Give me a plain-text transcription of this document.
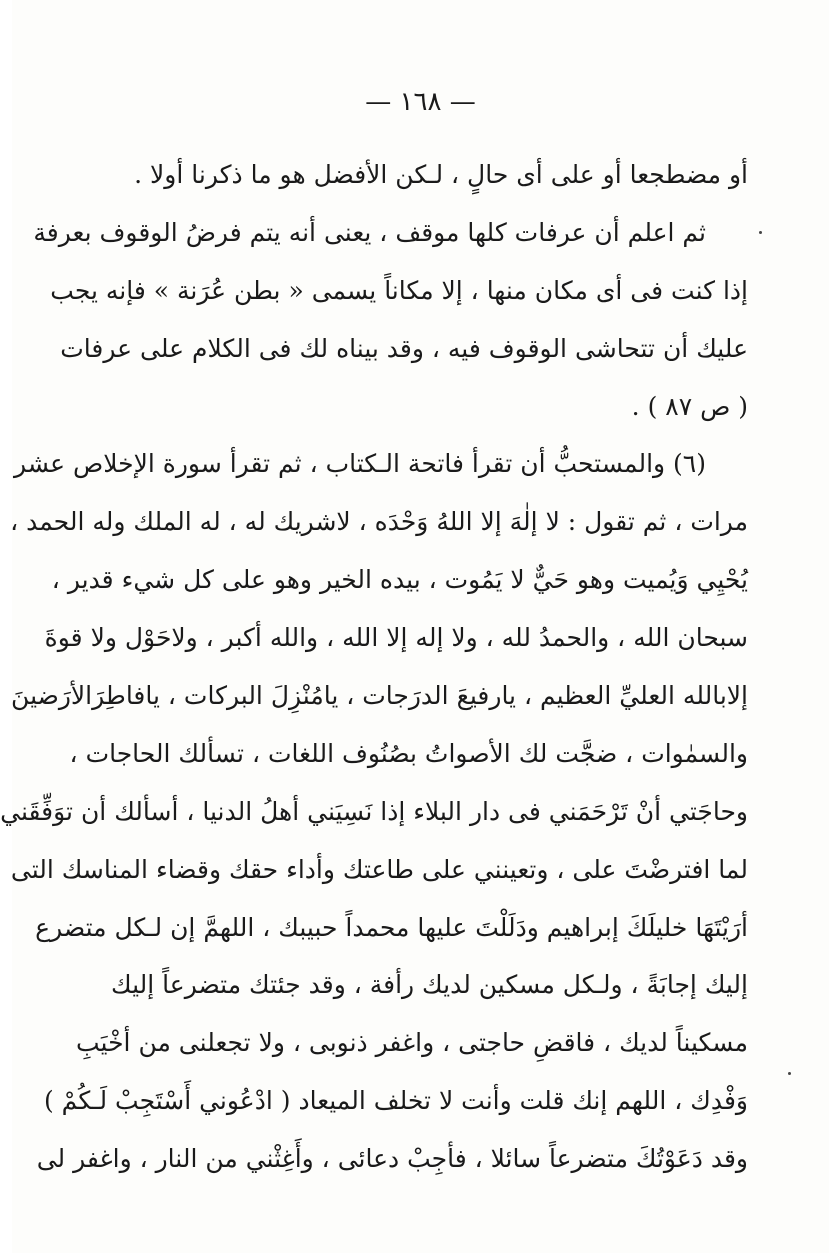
— ١٦٨ —
أو مضطجعا أو على أى حالٍ ، لـكن الأفضل هو ما ذكرنا أولا .
ثم اعلم أن عرفات كلها موقف ، يعنى أنه يتم فرضُ الوقوف بعرفة
إذا كنت فى أى مكان منها ، إلا مكاناً يسمى « بطن عُرَنة » فإنه يجب
عليك أن تتحاشى الوقوف فيه ، وقد بيناه لك فى الكلام على عرفات
( ص ٨٧ ) .
(٦) والمستحبُّ أن تقرأ فاتحة الـكتاب ، ثم تقرأ سورة الإخلاص عشر
مرات ، ثم تقول : لا إلٰهَ إلا اللهُ وَحْدَه ، لاشريك له ، له الملك وله الحمد ،
يُحْيِي وَيُميت وهو حَيٌّ لا يَمُوت ، بيده الخير وهو على كل شيء قدير ،
سبحان الله ، والحمدُ لله ، ولا إله إلا الله ، والله أكبر ، ولاحَوْل ولا قوةَ
إلابالله العليِّ العظيم ، يارفيعَ الدرَجات ، يامُنْزِلَ البركات ، يافاطِرَالأرَضينَ
والسمٰوات ، ضجَّت لك الأصواتُ بصُنُوف اللغات ، تسألك الحاجات ،
وحاجَتي أنْ تَرْحَمَني فى دار البلاء إذا نَسِيَني أهلُ الدنيا ، أسألك أن توَفِّقَني
لما افترضْتَ على ، وتعينني على طاعتك وأداء حقك وقضاء المناسك التى
أرَيْتَهَا خليلَكَ إبراهيم ودَلَلْتَ عليها محمداً حبيبك ، اللهمَّ إن لـكل متضرع
إليك إجابَةً ، ولـكل مسكين لديك رأفة ، وقد جئتك متضرعاً إليك
مسكيناً لديك ، فاقضِ حاجتى ، واغفر ذنوبى ، ولا تجعلنى من أخْيَبِ
وَفْدِك ، اللهم إنك قلت وأنت لا تخلف الميعاد ( ادْعُوني أَسْتَجِبْ لَـكُمْ )
وقد دَعَوْتُكَ متضرعاً سائلا ، فأجِبْ دعائى ، وأَغِثْني من النار ، واغفر لى
